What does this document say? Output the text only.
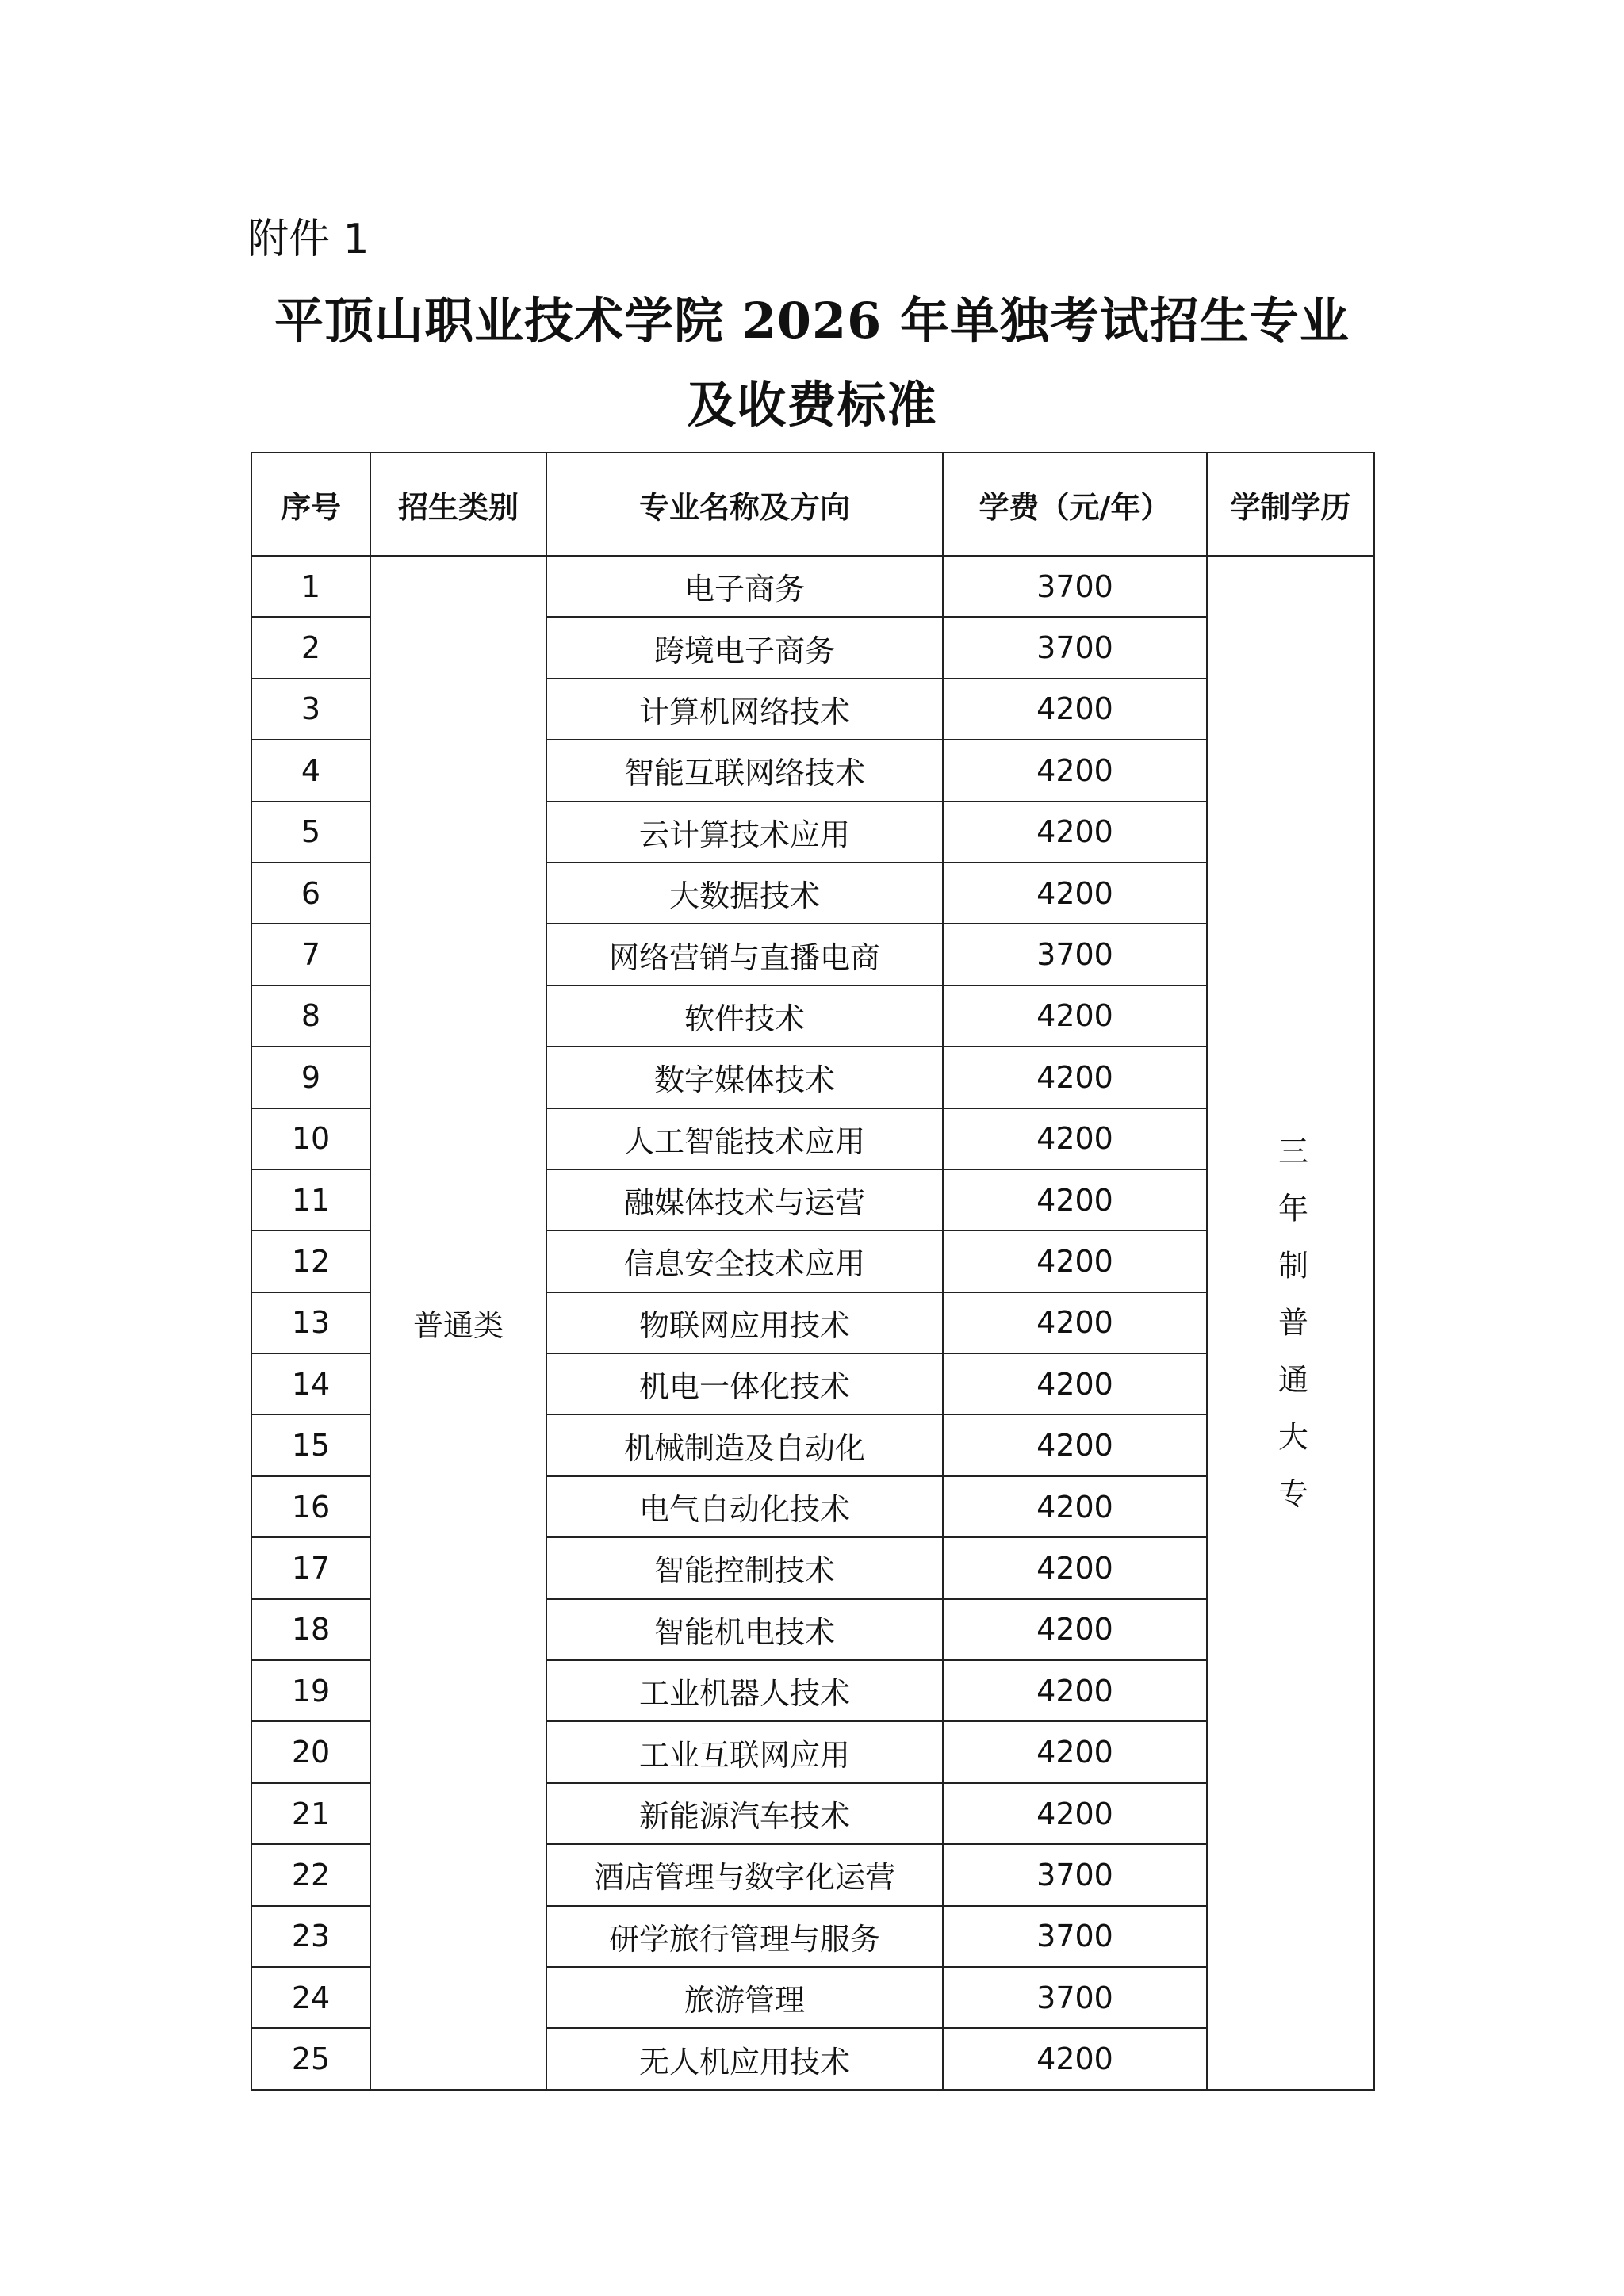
附件 1
平顶山职业技术学院 2026 年单独考试招生专业
及收费标准
序号	招生类别	专业名称及方向	学费（元/年）	学制学历
1	普通类	电子商务	3700	三年制普通大专
2		跨境电子商务	3700	
3		计算机网络技术	4200	
4		智能互联网络技术	4200	
5		云计算技术应用	4200	
6		大数据技术	4200	
7		网络营销与直播电商	3700	
8		软件技术	4200	
9		数字媒体技术	4200	
10		人工智能技术应用	4200	
11		融媒体技术与运营	4200	
12		信息安全技术应用	4200	
13		物联网应用技术	4200	
14		机电一体化技术	4200	
15		机械制造及自动化	4200	
16		电气自动化技术	4200	
17		智能控制技术	4200	
18		智能机电技术	4200	
19		工业机器人技术	4200	
20		工业互联网应用	4200	
21		新能源汽车技术	4200	
22		酒店管理与数字化运营	3700	
23		研学旅行管理与服务	3700	
24		旅游管理	3700	
25		无人机应用技术	4200	
